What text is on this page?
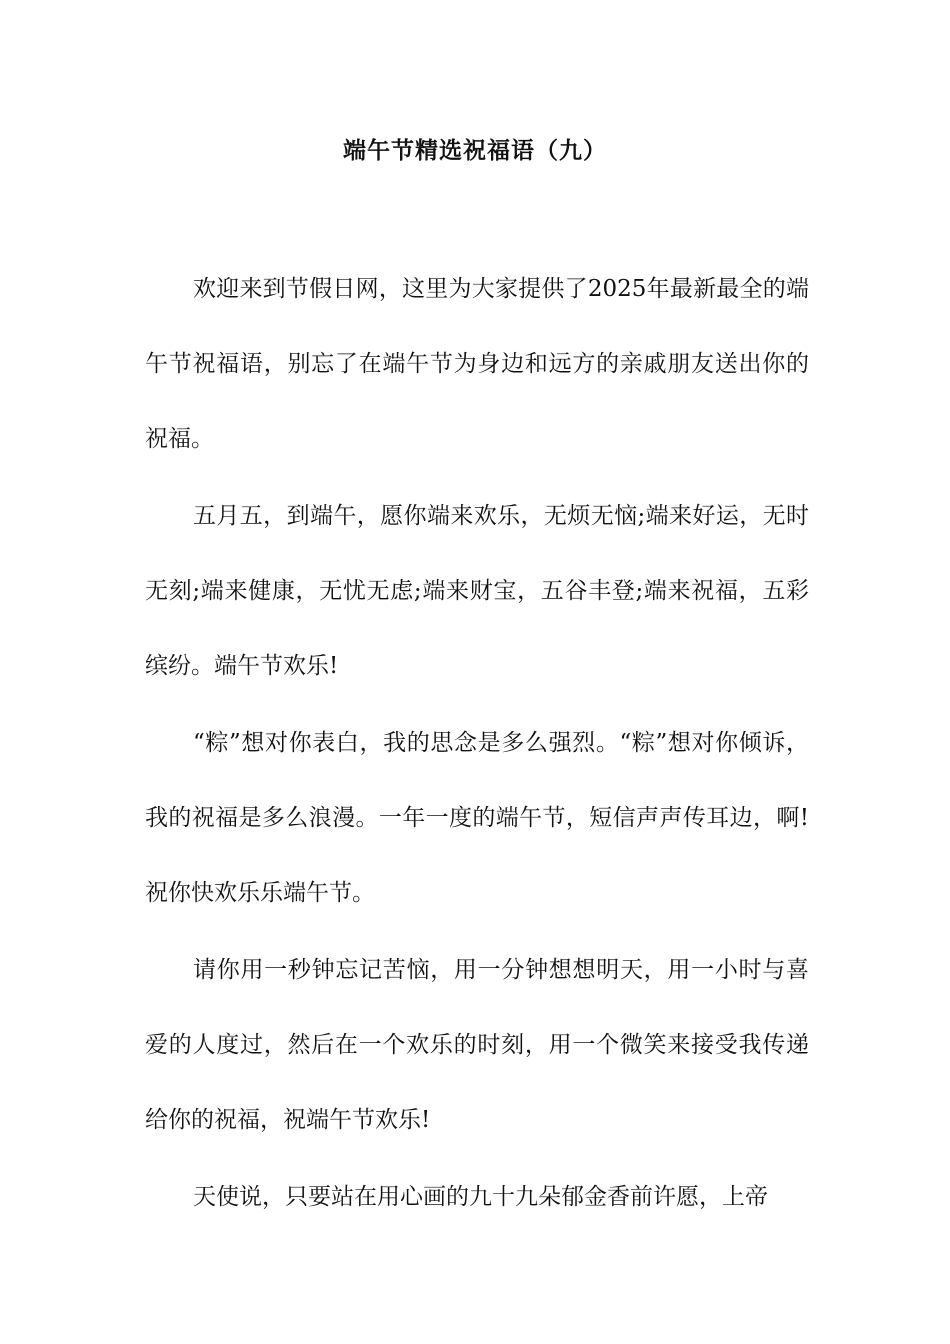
端午节精选祝福语（九）

欢迎来到节假日网，这里为大家提供了2025年最新最全的端午节祝福语，别忘了在端午节为身边和远方的亲戚朋友送出你的祝福。

五月五，到端午，愿你端来欢乐，无烦无恼;端来好运，无时无刻;端来健康，无忧无虑;端来财宝，五谷丰登;端来祝福，五彩缤纷。端午节欢乐!

“粽”想对你表白，我的思念是多么强烈。“粽”想对你倾诉，我的祝福是多么浪漫。一年一度的端午节，短信声声传耳边，啊!祝你快欢乐乐端午节。

请你用一秒钟忘记苦恼，用一分钟想想明天，用一小时与喜爱的人度过，然后在一个欢乐的时刻，用一个微笑来接受我传递给你的祝福，祝端午节欢乐!

天使说，只要站在用心画的九十九朵郁金香前许愿，上帝
